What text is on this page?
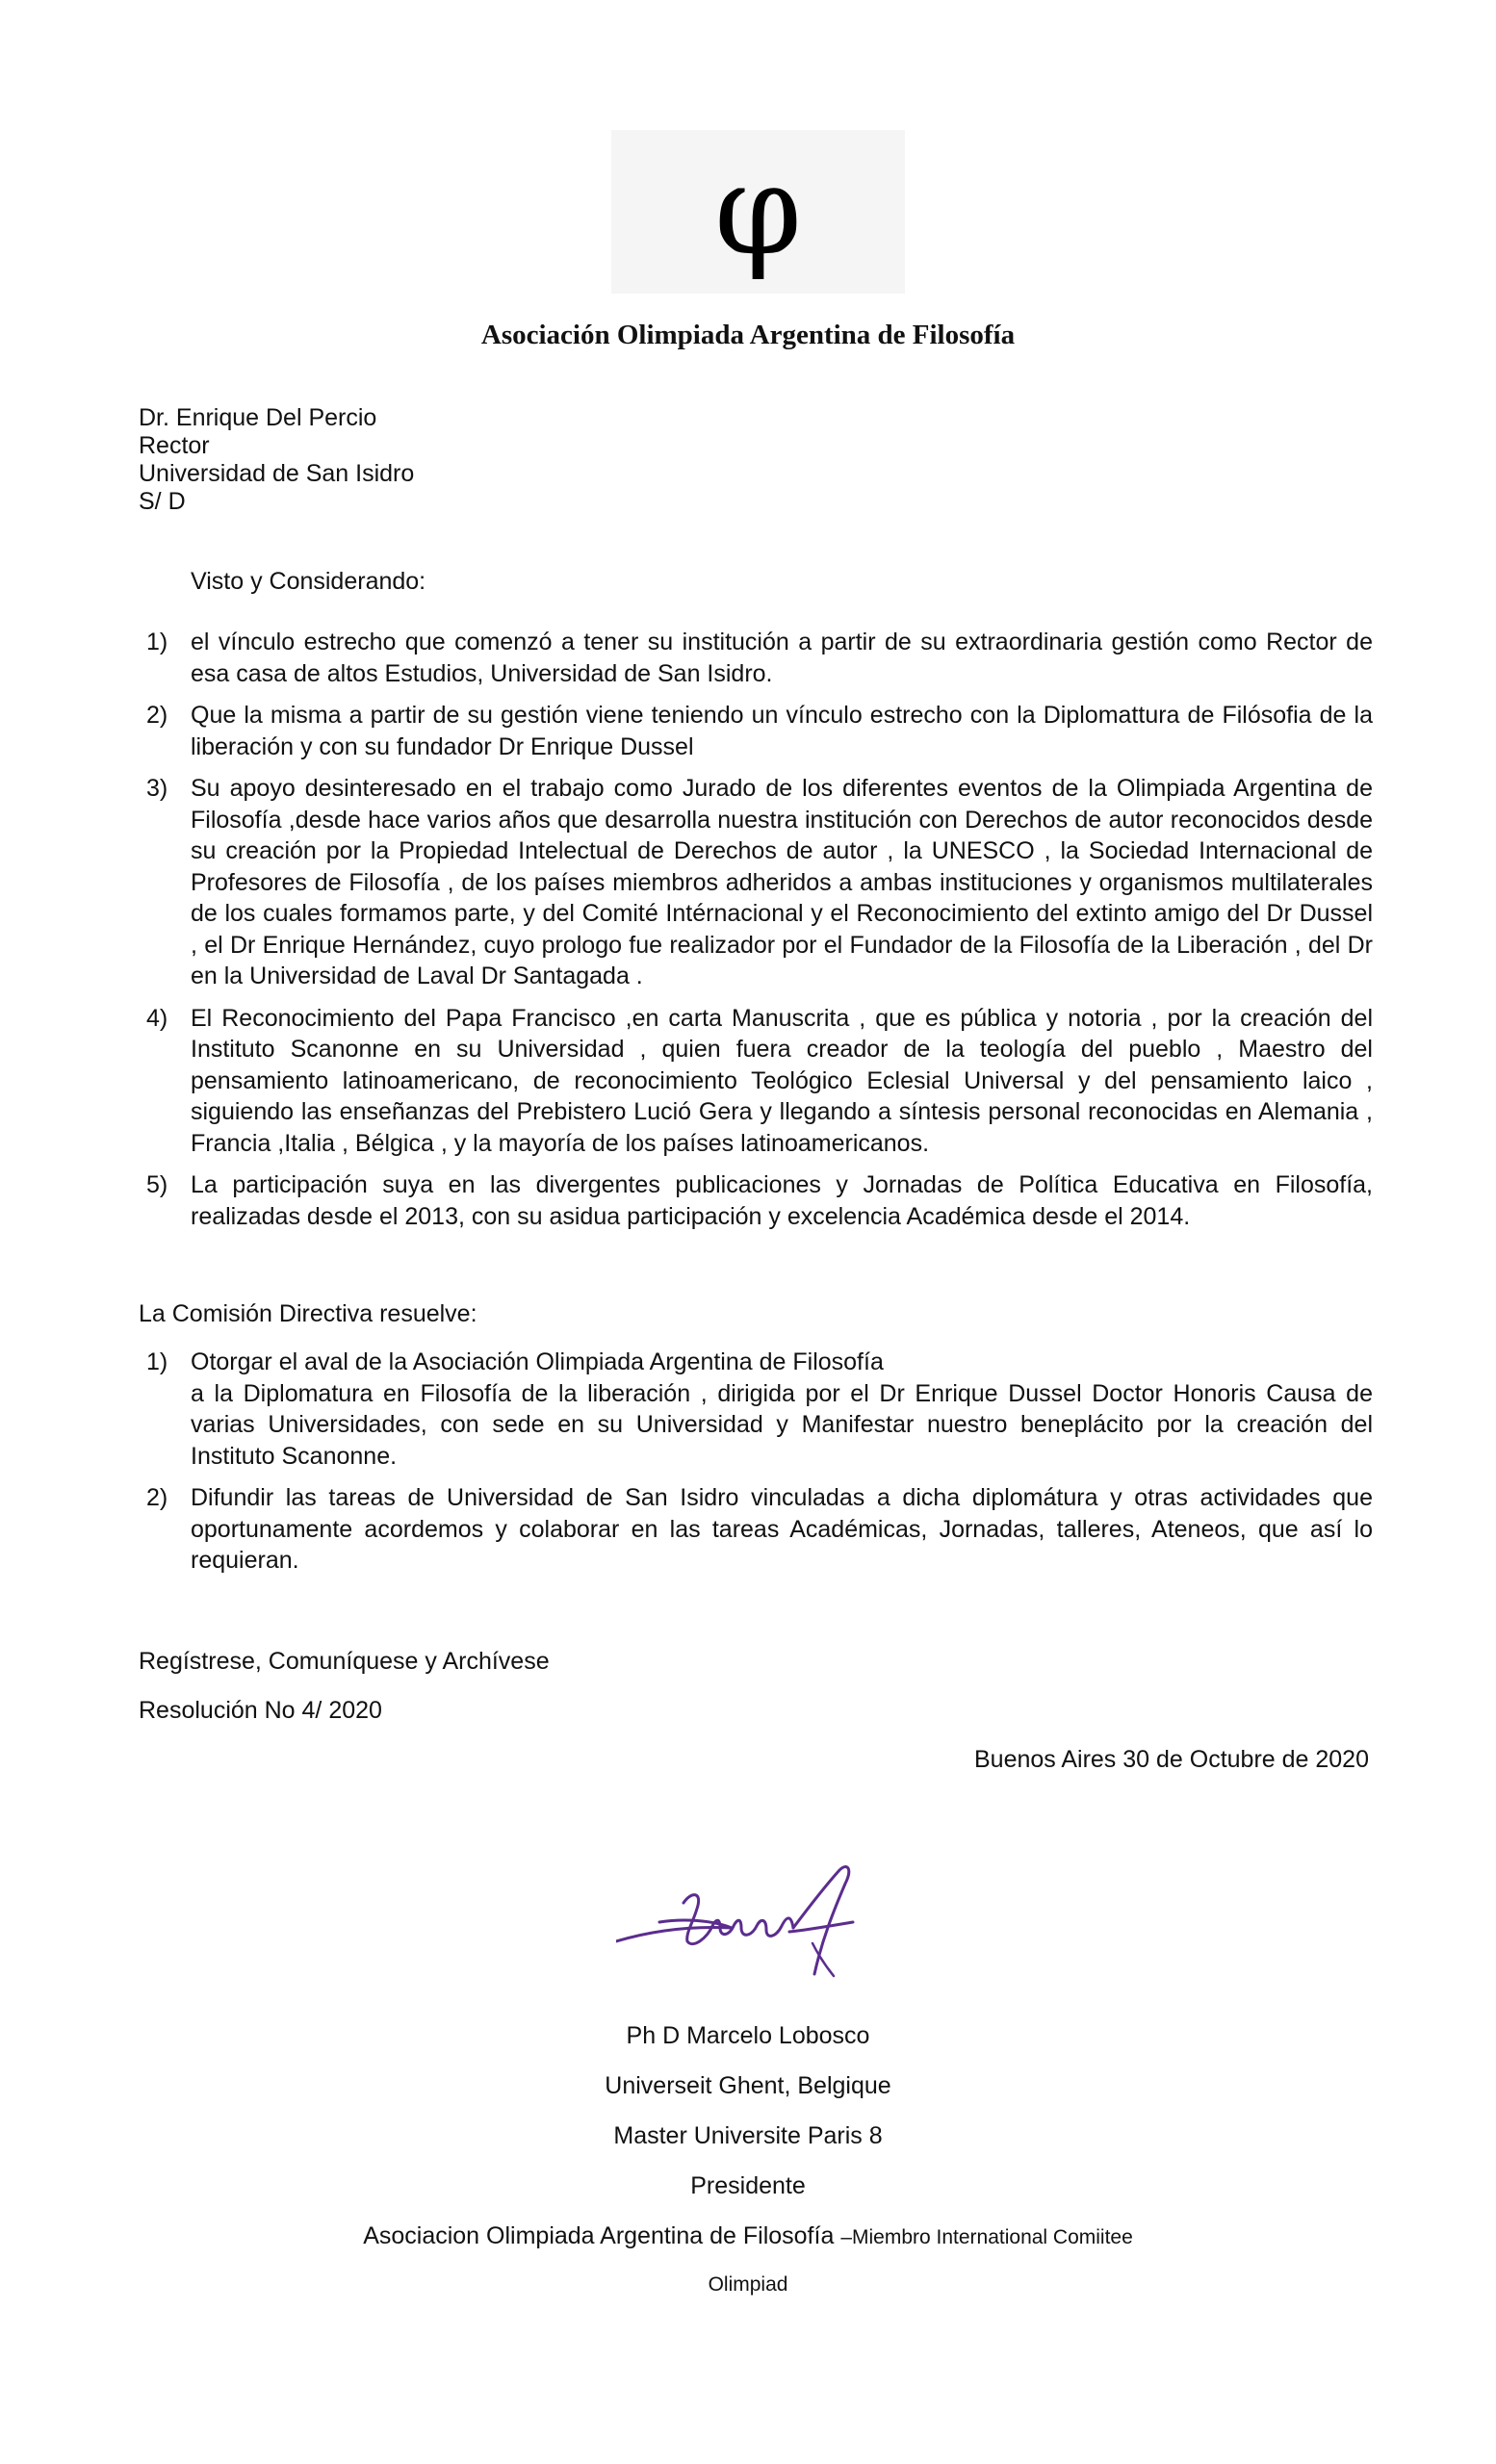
φ
Asociación Olimpiada Argentina de Filosofía
Dr. Enrique Del Percio
Rector
Universidad de San Isidro
S/ D
Visto y Considerando:
1) el vínculo estrecho que comenzó a tener su institución a partir de su extraordinaria gestión como Rector de esa casa de altos Estudios, Universidad de San Isidro.
2) Que la misma a partir de su gestión viene teniendo un vínculo estrecho con la Diplomattura de Filósofia de la liberación y con su fundador Dr Enrique Dussel
3) Su apoyo desinteresado en el trabajo como Jurado de los diferentes eventos de la Olimpiada Argentina de Filosofía ,desde hace varios años que desarrolla nuestra institución con Derechos de autor reconocidos desde su creación por la Propiedad Intelectual de Derechos de autor , la UNESCO , la Sociedad Internacional de Profesores de Filosofía , de los países miembros adheridos a ambas instituciones y organismos multilaterales de los cuales formamos parte, y del Comité Intérnacional y el Reconocimiento del extinto amigo del Dr Dussel , el Dr Enrique Hernández, cuyo prologo fue realizador por el Fundador de la Filosofía de la Liberación , del Dr en la Universidad de Laval Dr Santagada .
4) El Reconocimiento del Papa Francisco ,en carta Manuscrita , que es pública y notoria , por la creación del Instituto Scanonne en su Universidad , quien fuera creador de la teología del pueblo , Maestro del pensamiento latinoamericano, de reconocimiento Teológico Eclesial Universal y del pensamiento laico , siguiendo las enseñanzas del Prebistero Lució Gera y llegando a síntesis personal reconocidas en Alemania , Francia ,Italia , Bélgica , y la mayoría de los países latinoamericanos.
5) La participación suya en las divergentes publicaciones y Jornadas de Política Educativa en Filosofía, realizadas desde el 2013, con su asidua participación y excelencia Académica desde el 2014.
La Comisión Directiva resuelve:
1) Otorgar el aval de la Asociación Olimpiada Argentina de Filosofía
a la Diplomatura en Filosofía de la liberación , dirigida por el Dr Enrique Dussel Doctor Honoris Causa de varias Universidades, con sede en su Universidad y Manifestar nuestro beneplácito por la creación del Instituto Scanonne.
2) Difundir las tareas de Universidad de San Isidro vinculadas a dicha diplomátura y otras actividades que oportunamente acordemos y colaborar en las tareas Académicas, Jornadas, talleres, Ateneos, que así lo requieran.
Regístrese, Comuníquese y Archívese
Resolución No 4/ 2020
Buenos Aires 30 de Octubre de 2020
Ph D Marcelo Lobosco
Universeit Ghent, Belgique
Master Universite Paris 8
Presidente
Asociacion Olimpiada Argentina de Filosofía –Miembro International Comiitee
Olimpiad
